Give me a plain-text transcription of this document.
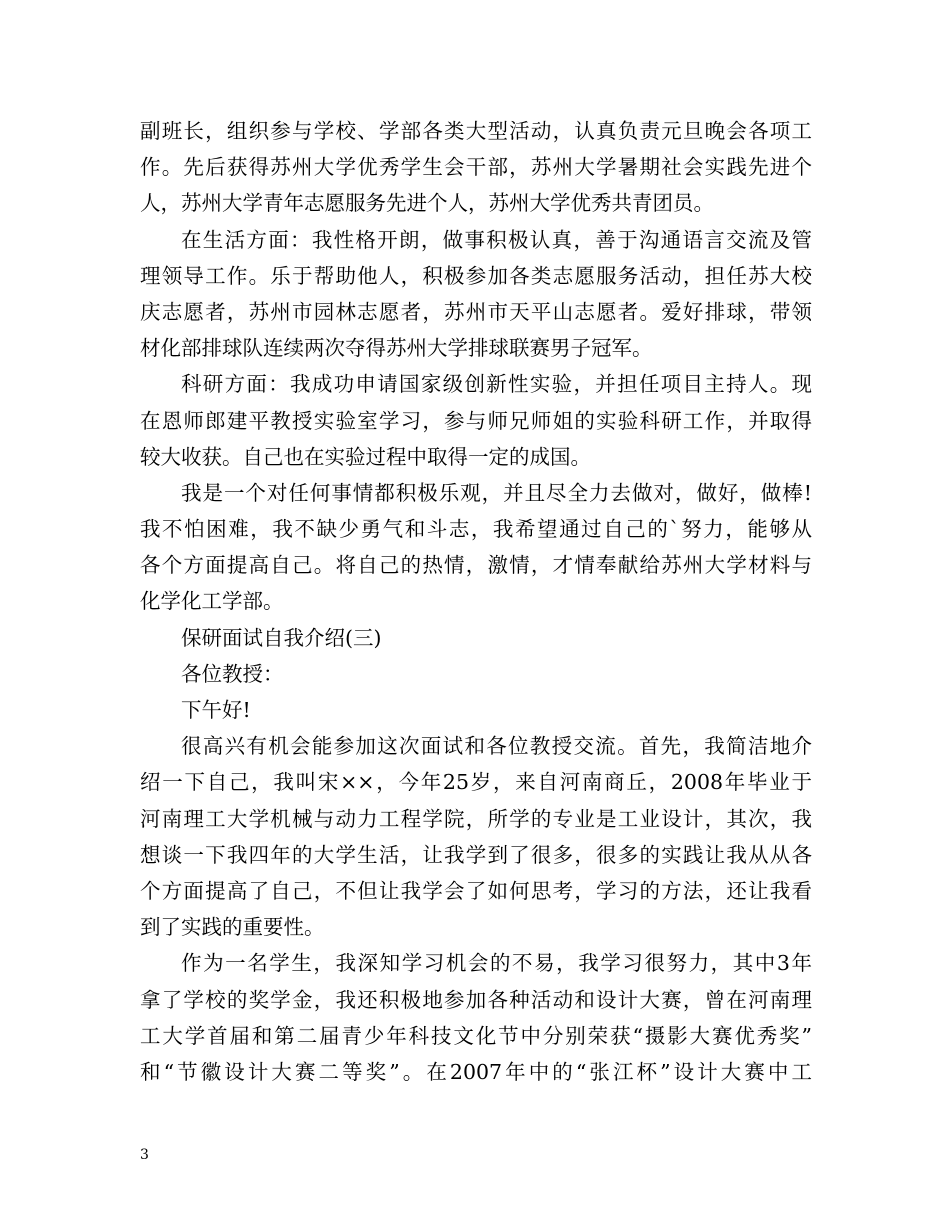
副班长，组织参与学校、学部各类大型活动，认真负责元旦晚会各项工
作。先后获得苏州大学优秀学生会干部，苏州大学暑期社会实践先进个
人，苏州大学青年志愿服务先进个人，苏州大学优秀共青团员。
在生活方面：我性格开朗，做事积极认真，善于沟通语言交流及管
理领导工作。乐于帮助他人，积极参加各类志愿服务活动，担任苏大校
庆志愿者，苏州市园林志愿者，苏州市天平山志愿者。爱好排球，带领
材化部排球队连续两次夺得苏州大学排球联赛男子冠军。
科研方面：我成功申请国家级创新性实验，并担任项目主持人。现
在恩师郎建平教授实验室学习，参与师兄师姐的实验科研工作，并取得
较大收获。自己也在实验过程中取得一定的成国。
我是一个对任何事情都积极乐观，并且尽全力去做对，做好，做棒!
我不怕困难，我不缺少勇气和斗志，我希望通过自己的`努力，能够从
各个方面提高自己。将自己的热情，激情，才情奉献给苏州大学材料与
化学化工学部。
保研面试自我介绍(三)
各位教授：
下午好!
很高兴有机会能参加这次面试和各位教授交流。首先，我简洁地介
绍一下自己，我叫宋××，今年25岁，来自河南商丘，2008年毕业于
河南理工大学机械与动力工程学院，所学的专业是工业设计，其次，我
想谈一下我四年的大学生活，让我学到了很多，很多的实践让我从从各
个方面提高了自己，不但让我学会了如何思考，学习的方法，还让我看
到了实践的重要性。
作为一名学生，我深知学习机会的不易，我学习很努力，其中3年
拿了学校的奖学金，我还积极地参加各种活动和设计大赛，曾在河南理
工大学首届和第二届青少年科技文化节中分别荣获“摄影大赛优秀奖”
和“节徽设计大赛二等奖”。在2007年中的“张江杯”设计大赛中工
3
